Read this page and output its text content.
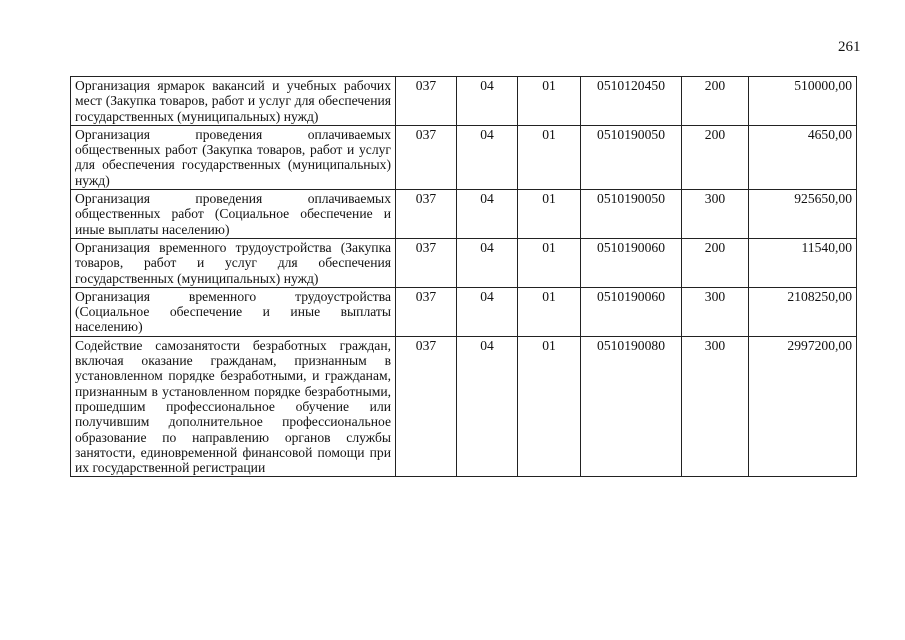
261
Организация ярмарок вакансий и учебных рабочих мест (Закупка товаров, работ и услуг для обеспечения государственных (муниципальных) нужд)	037	04	01	0510120450	200	510000,00
Организация проведения оплачиваемых общественных работ (Закупка товаров, работ и услуг для обеспечения государственных (муниципальных) нужд)	037	04	01	0510190050	200	4650,00
Организация проведения оплачиваемых общественных работ (Социальное обеспечение и иные выплаты населению)	037	04	01	0510190050	300	925650,00
Организация временного трудоустройства (Закупка товаров, работ и услуг для обеспечения государственных (муниципальных) нужд)	037	04	01	0510190060	200	11540,00
Организация временного трудоустройства (Социальное обеспечение и иные выплаты населению)	037	04	01	0510190060	300	2108250,00
Содействие самозанятости безработных граждан, включая оказание гражданам, признанным в установленном порядке безработными, и гражданам, признанным в установленном порядке безработными, прошедшим профессиональное обучение или получившим дополнительное профессиональное образование по направлению органов службы занятости, единовременной финансовой помощи при их государственной регистрации	037	04	01	0510190080	300	2997200,00
